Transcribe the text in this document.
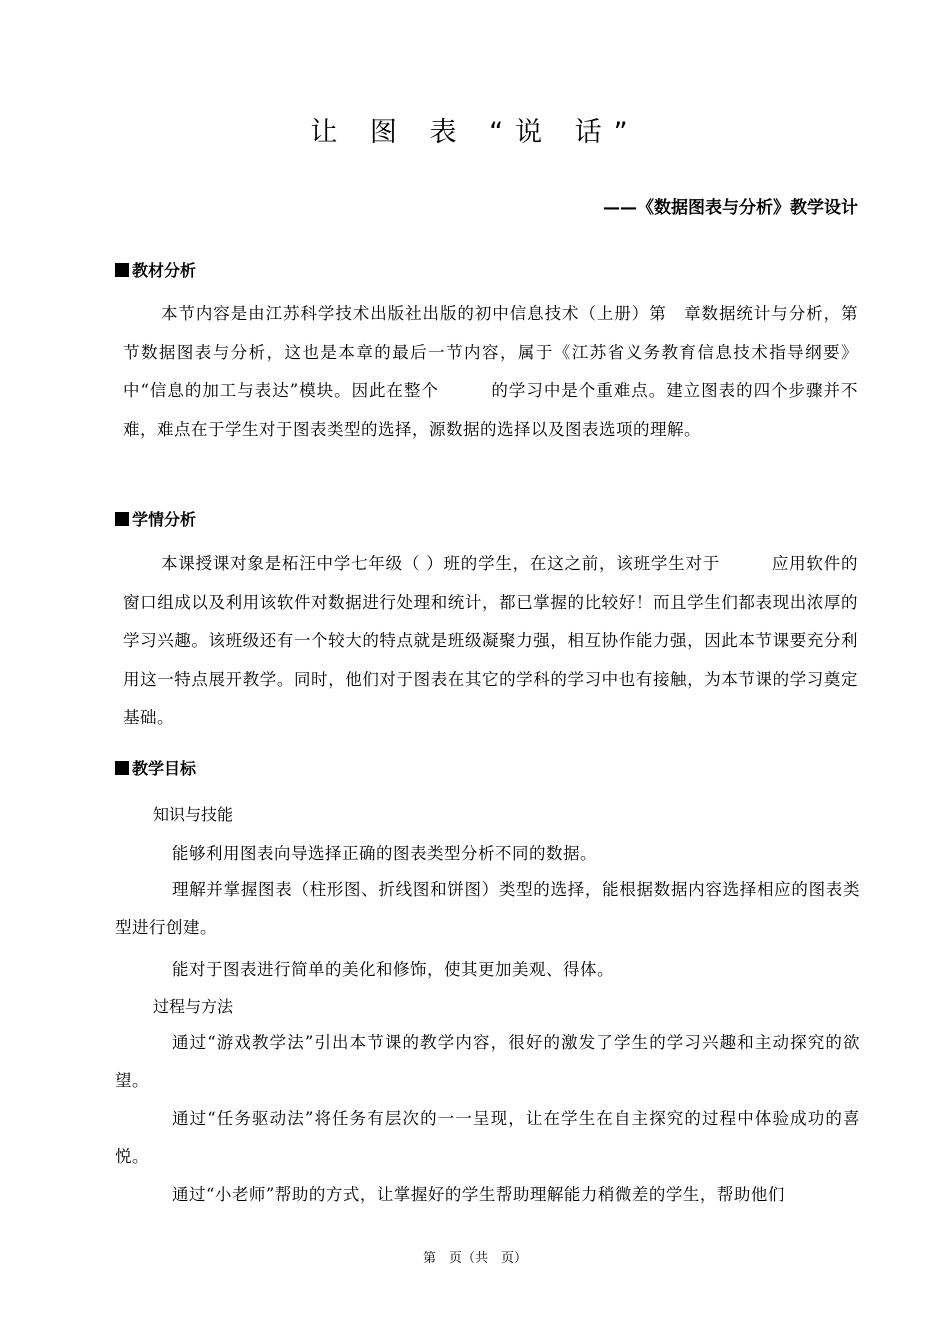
让 图 表 “说 话”
——《数据图表与分析》教学设计
教材分析
本节内容是由江苏科学技术出版社出版的初中信息技术（上册）第　章数据统计与分析，第　节数据图表与分析，这也是本章的最后一节内容，属于《江苏省义务教育信息技术指导纲要》中“信息的加工与表达”模块。因此在整个　　　的学习中是个重难点。建立图表的四个步骤并不难，难点在于学生对于图表类型的选择，源数据的选择以及图表选项的理解。
学情分析
本课授课对象是柘汪中学七年级（ ）班的学生，在这之前，该班学生对于　　　应用软件的窗口组成以及利用该软件对数据进行处理和统计，都已掌握的比较好！而且学生们都表现出浓厚的学习兴趣。该班级还有一个较大的特点就是班级凝聚力强，相互协作能力强，因此本节课要充分利用这一特点展开教学。同时，他们对于图表在其它的学科的学习中也有接触，为本节课的学习奠定基础。
教学目标
知识与技能
能够利用图表向导选择正确的图表类型分析不同的数据。
理解并掌握图表（柱形图、折线图和饼图）类型的选择，能根据数据内容选择相应的图表类型进行创建。
能对于图表进行简单的美化和修饰，使其更加美观、得体。
过程与方法
通过“游戏教学法”引出本节课的教学内容，很好的激发了学生的学习兴趣和主动探究的欲望。
通过“任务驱动法”将任务有层次的一一呈现，让在学生在自主探究的过程中体验成功的喜悦。
通过“小老师”帮助的方式，让掌握好的学生帮助理解能力稍微差的学生，帮助他们
第　页（共　页）
